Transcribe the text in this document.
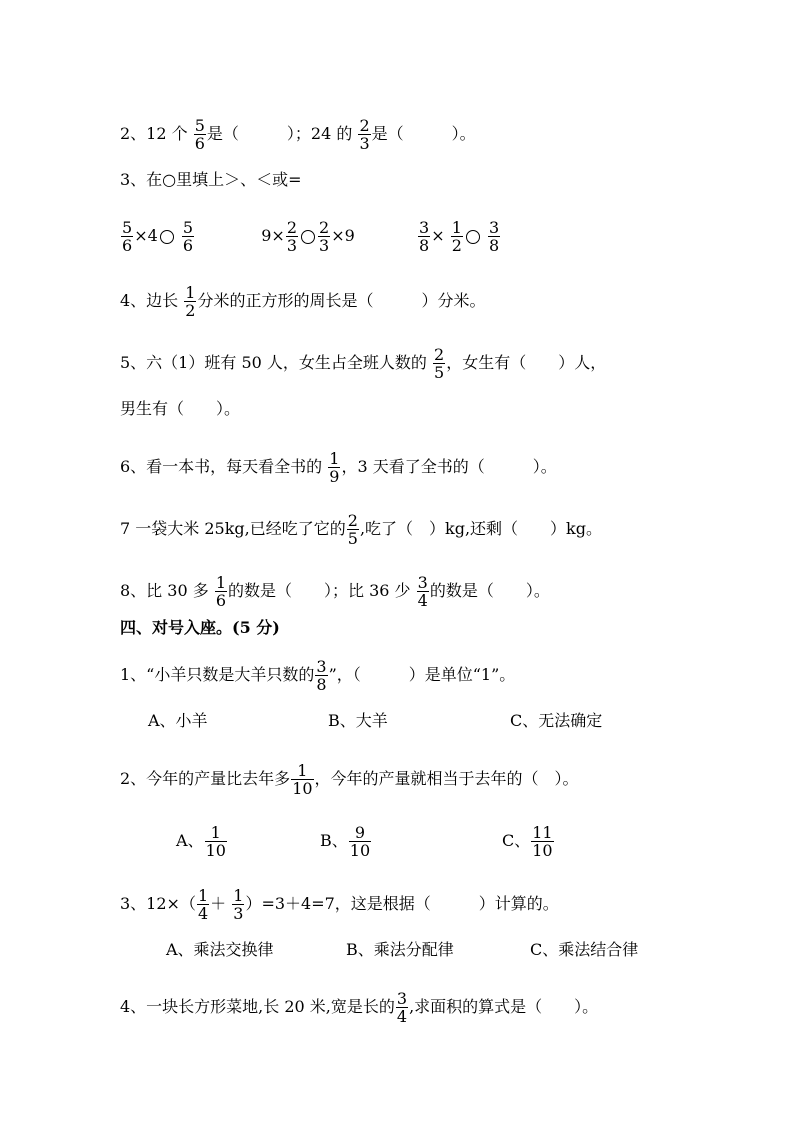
2、12 个 $\frac{5}{6}$ 是（　　　）；24 的 $\frac{2}{3}$ 是（　　　）。
3、在○里填上＞、＜或=
$\frac{5}{6} \times 4 \frac{5}{6}$	$9\times \frac{2}{3} \frac{2}{3} \times 9$	$\frac{3}{8} \times \frac{1}{2}$
$\frac{3}{8}$
4、边长 $\frac{1}{2}$ 分米的正方形的周长是（　　　）分米。
5、六（1）班有 50 人，女生占全班人数的 $\frac{2}{5}$ ，女生有（　　）人，
男生有（　　）。
6、看一本书，每天看全书的 $\frac{1}{9}$ ，3 天看了全书的（　　　）。
7 一袋大米 25kg,已经吃了它的 $\frac{2}{5}$ ,吃了（　）kg,还剩（　　）kg。
8、比 30 多 $\frac{1}{6}$ 的数是（　　）；比 36 少 $\frac{3}{4}$ 的数是（　　）。
四、对号入座。(5 分)
1、“小羊只数是大羊只数的 $\frac{3}{8}$ ”，（　　　）是单位“1”。
A、小羊	B、大羊	C、无法确定
2、今年的产量比去年多 $\frac{1}{10}$ ，今年的产量就相当于去年的（　）。
A、 $\frac{1}{10}$	B、 $\frac{9}{10}$	C、 $\frac{11}{10}$
3、$12\times( \frac{1}{4} + \frac{1}{3} )=3+4=7$，这是根据（　　　）计算的。
A、乘法交换律	B、乘法分配律	C、乘法结合律
4、一块长方形菜地,长 20 米,宽是长的 $\frac{3}{4}$ ,求面积的算式是（　　）。
